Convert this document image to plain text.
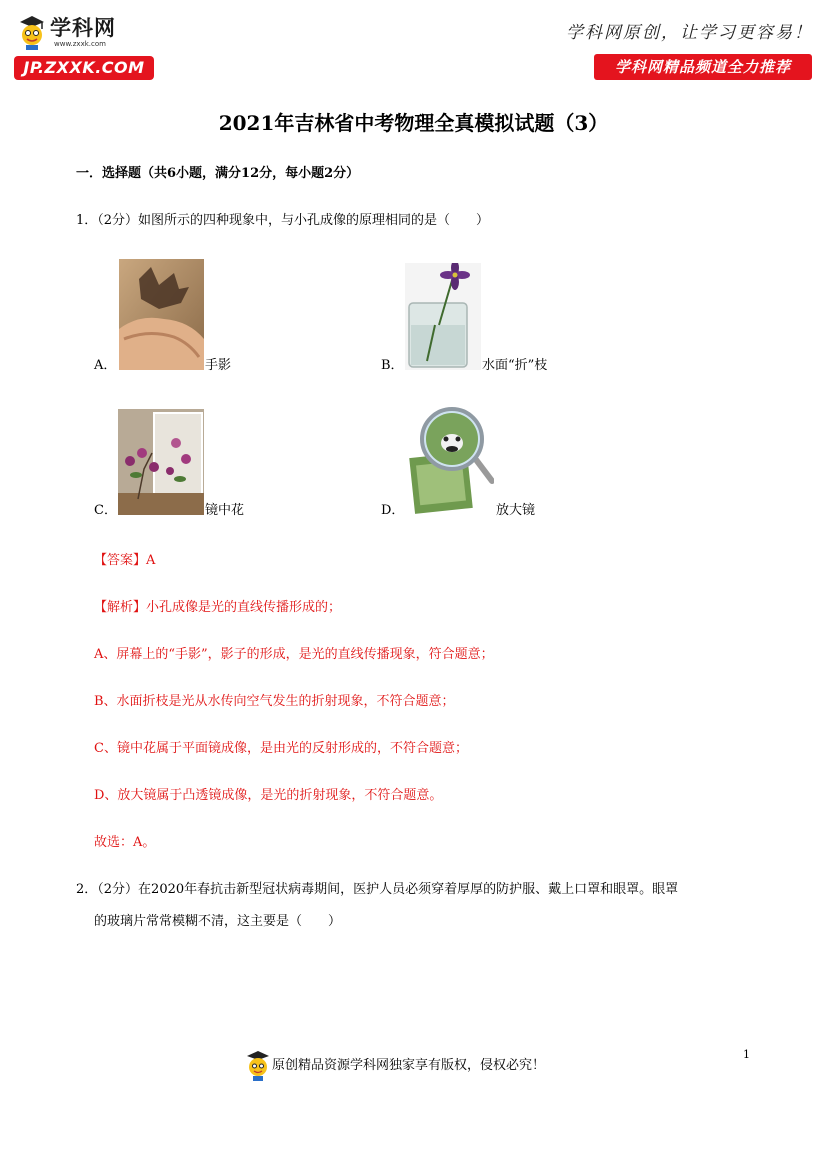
学科网
www.zxxk.com
JP.ZXXK.COM
学科网原创，让学习更容易！
学科网精品频道全力推荐
2021年吉林省中考物理全真模拟试题（3）
一．选择题（共6小题，满分12分，每小题2分）
1．（2分）如图所示的四种现象中，与小孔成像的原理相同的是（　　）
A．	手影	B．	水面“折”枝
C．	镜中花	D．	放大镜
【答案】A
【解析】小孔成像是光的直线传播形成的；
A、屏幕上的“手影”，影子的形成，是光的直线传播现象，符合题意；
B、水面折枝是光从水传向空气发生的折射现象，不符合题意；
C、镜中花属于平面镜成像，是由光的反射形成的，不符合题意；
D、放大镜属于凸透镜成像，是光的折射现象，不符合题意。
故选：A。
2．（2分）在2020年春抗击新型冠状病毒期间，医护人员必须穿着厚厚的防护服、戴上口罩和眼罩。眼罩
的玻璃片常常模糊不清，这主要是（　　）
原创精品资源学科网独家享有版权，侵权必究！
1
